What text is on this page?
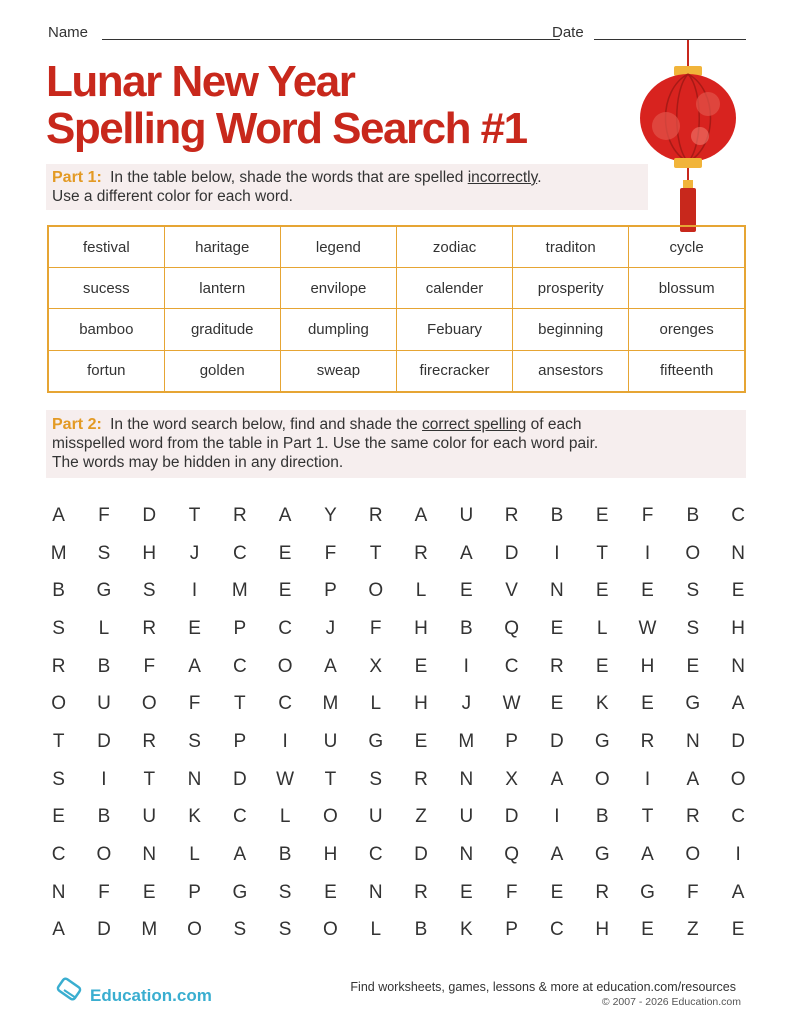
Name	Date
Lunar New Year
Spelling Word Search #1
Part 1: In the table below, shade the words that are spelled incorrectly.
Use a different color for each word.
festival	haritage	legend	zodiac	traditon	cycle
sucess	lantern	envilope	calender	prosperity	blossum
bamboo	graditude	dumpling	Febuary	beginning	orenges
fortun	golden	sweap	firecracker	ansestors	fifteenth
Part 2: In the word search below, find and shade the correct spelling of each
misspelled word from the table in Part 1. Use the same color for each word pair.
The words may be hidden in any direction.
A	F	D	T	R	A	Y	R	A	U	R	B	E	F	B	C
M	S	H	J	C	E	F	T	R	A	D	I	T	I	O	N
B	G	S	I	M	E	P	O	L	E	V	N	E	E	S	E
S	L	R	E	P	C	J	F	H	B	Q	E	L	W	S	H
R	B	F	A	C	O	A	X	E	I	C	R	E	H	E	N
O	U	O	F	T	C	M	L	H	J	W	E	K	E	G	A
T	D	R	S	P	I	U	G	E	M	P	D	G	R	N	D
S	I	T	N	D	W	T	S	R	N	X	A	O	I	A	O
E	B	U	K	C	L	O	U	Z	U	D	I	B	T	R	C
C	O	N	L	A	B	H	C	D	N	Q	A	G	A	O	I
N	F	E	P	G	S	E	N	R	E	F	E	R	G	F	A
A	D	M	O	S	S	O	L	B	K	P	C	H	E	Z	E
Education.com	Find worksheets, games, lessons & more at education.com/resources
© 2007 - 2026 Education.com
